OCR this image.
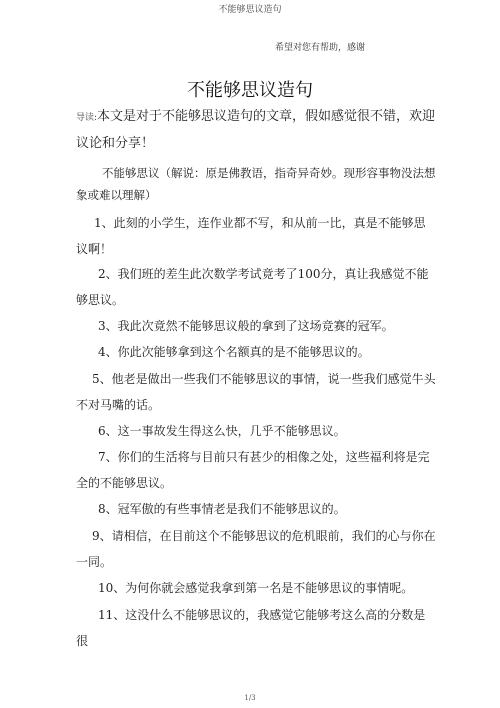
不能够思议造句
希望对您有帮助，感谢
不能够思议造句
导读:本文是对于不能够思议造句的文章，假如感觉很不错，欢迎议论和分享！
不能够思议（解说：原是佛教语，指奇异奇妙。现形容事物没法想象或难以理解）
1、此刻的小学生，连作业都不写，和从前一比，真是不能够思议啊！
2、我们班的差生此次数学考试竟考了100分，真让我感觉不能够思议。
3、我此次竟然不能够思议般的拿到了这场竞赛的冠军。
4、你此次能够拿到这个名额真的是不能够思议的。
5、他老是做出一些我们不能够思议的事情，说一些我们感觉牛头不对马嘴的话。
6、这一事故发生得这么快，几乎不能够思议。
7、你们的生活将与目前只有甚少的相像之处，这些福利将是完全的不能够思议。
8、冠军傲的有些事情老是我们不能够思议的。
9、请相信，在目前这个不能够思议的危机眼前，我们的心与你在一同。
10、为何你就会感觉我拿到第一名是不能够思议的事情呢。
11、这没什么不能够思议的，我感觉它能够考这么高的分数是很
1/3
